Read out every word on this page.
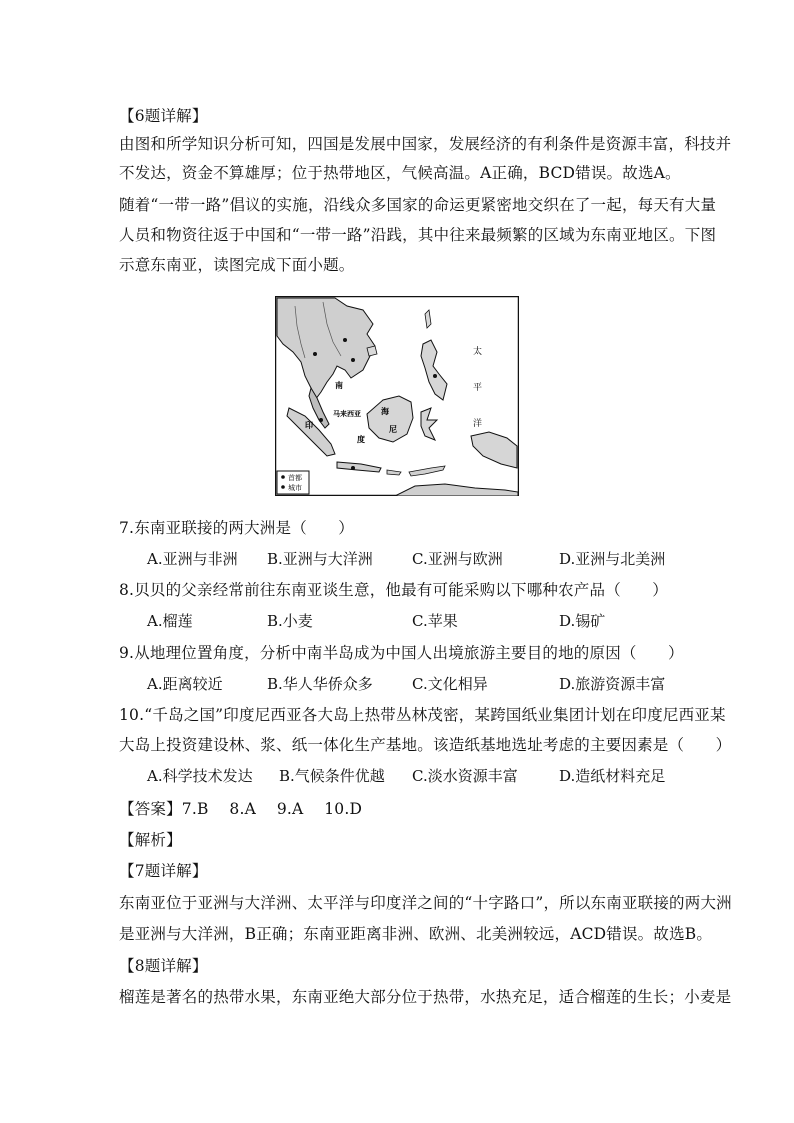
【6题详解】
由图和所学知识分析可知，四国是发展中国家，发展经济的有利条件是资源丰富，科技并
不发达，资金不算雄厚；位于热带地区，气候高温。A正确，BCD错误。故选A。
随着“一带一路”倡议的实施，沿线众多国家的命运更紧密地交织在了一起，每天有大量
人员和物资往返于中国和“一带一路”沿践，其中往来最频繁的区域为东南亚地区。下图
示意东南亚，读图完成下面小题。
首都
城市
太
平
洋
南
海
马来西亚
印	尼
度
7.东南亚联接的两大洲是（　　）
A.亚洲与非洲 B.亚洲与大洋洲	C.亚洲与欧洲	D.亚洲与北美洲
8.贝贝的父亲经常前往东南亚谈生意，他最有可能采购以下哪种农产品（　　）
A.榴莲	B.小麦	C.苹果	D.锡矿
9.从地理位置角度，分析中南半岛成为中国人出境旅游主要目的地的原因（　　）
A.距离较近	B.华人华侨众多	C.文化相异	D.旅游资源丰富
10.“千岛之国”印度尼西亚各大岛上热带丛林茂密，某跨国纸业集团计划在印度尼西亚某
大岛上投资建设林、浆、纸一体化生产基地。该造纸基地选址考虑的主要因素是（　　）
A.科学技术发达 B.气候条件优越 C.淡水资源丰富	D.造纸材料充足
【答案】7.B　 8.A　 9.A　 10.D
【解析】
【7题详解】
东南亚位于亚洲与大洋洲、太平洋与印度洋之间的“十字路口”，所以东南亚联接的两大洲
是亚洲与大洋洲，B正确；东南亚距离非洲、欧洲、北美洲较远，ACD错误。故选B。
【8题详解】
榴莲是著名的热带水果，东南亚绝大部分位于热带，水热充足，适合榴莲的生长；小麦是
